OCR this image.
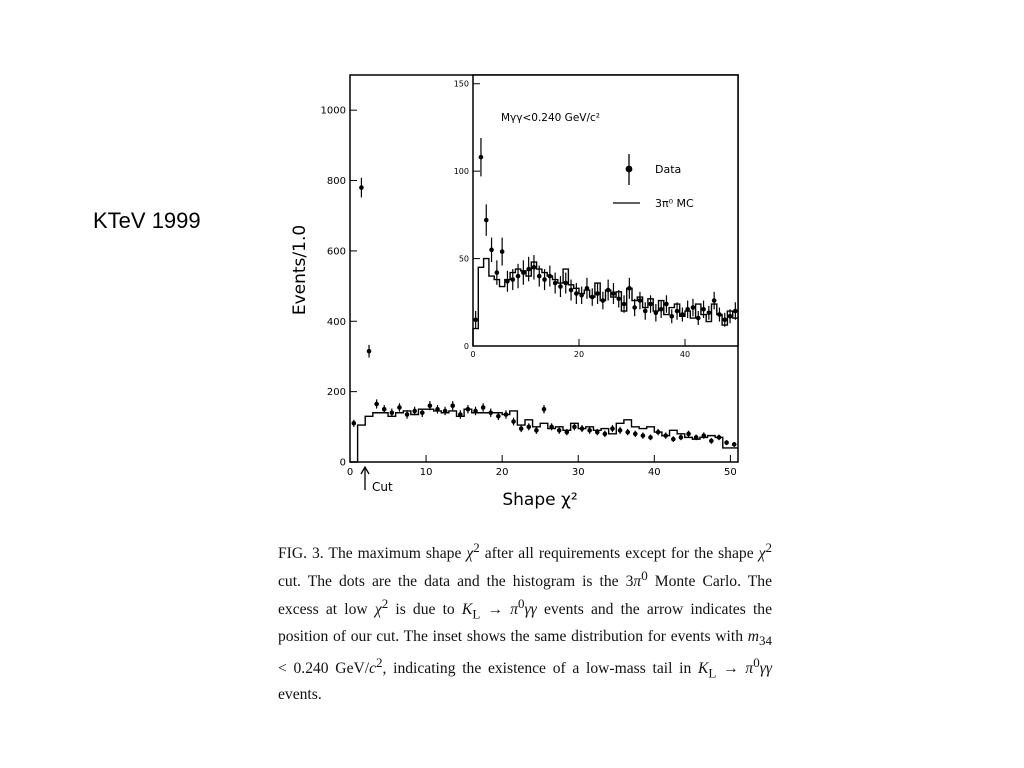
KTeV 1999
0	10	20	30	40	50
0
200
400
600
800
1000
Events/1.0
Shape χ²
Cut
0	20	40
0
50
100
150
Mγγ<0.240 GeV/c²
Data
3π⁰ MC
FIG. 3. The maximum shape $\chi^2$ after all requirements except for the shape $\chi^2$ cut. The dots are the data and the histogram is the $3\pi^0$ Monte Carlo. The excess at low $\chi^2$ is due to $K_L \to \pi^0\gamma\gamma$ events and the arrow indicates the position of our cut. The inset shows the same distribution for events with $m_{34} < 0.240$ GeV/$c^2$, indicating the existence of a low-mass tail in $K_L \to \pi^0\gamma\gamma$ events.
